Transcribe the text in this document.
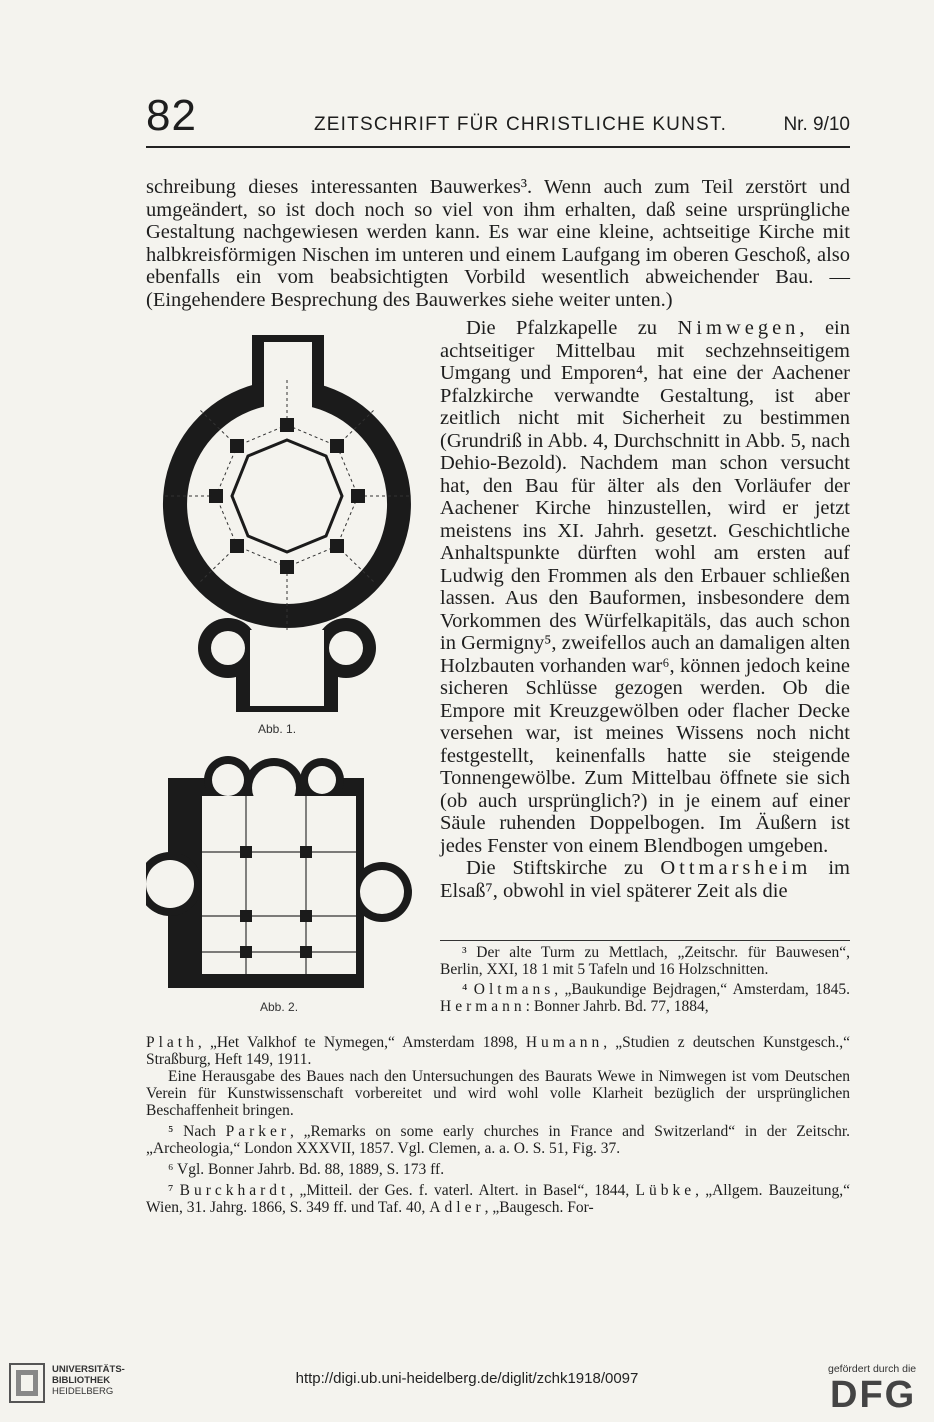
82	ZEITSCHRIFT FÜR CHRISTLICHE KUNST.	Nr. 9/10

schreibung dieses interessanten Bauwerkes³. Wenn auch zum Teil zerstört und umgeändert, so ist doch noch so viel von ihm erhalten, daß seine ursprüngliche Gestaltung nachgewiesen werden kann. Es war eine kleine, achtseitige Kirche mit halbkreisförmigen Nischen im unteren und einem Laufgang im oberen Geschoß, also ebenfalls ein vom beabsichtigten Vorbild wesentlich abweichender Bau. — (Eingehendere Besprechung des Bauwerkes siehe weiter unten.)

Die Pfalzkapelle zu Nimwegen, ein achtseitiger Mittelbau mit sechzehnseitigem Umgang und Emporen⁴, hat eine der Aachener Pfalzkirche verwandte Gestaltung, ist aber zeitlich nicht mit Sicherheit zu bestimmen (Grundriß in Abb. 4, Durchschnitt in Abb. 5, nach Dehio-Bezold). Nachdem man schon versucht hat, den Bau für älter als den Vorläufer der Aachener Kirche hinzustellen, wird er jetzt meistens ins XI. Jahrh. gesetzt. Geschichtliche Anhaltspunkte dürften wohl am ersten auf Ludwig den Frommen als den Erbauer schließen lassen. Aus den Bauformen, insbesondere dem Vorkommen des Würfelkapitäls, das auch schon in Germigny⁵, zweifellos auch an damaligen alten Holzbauten vorhanden war⁶, können jedoch keine sicheren Schlüsse gezogen werden. Ob die Empore mit Kreuzgewölben oder flacher Decke versehen war, ist meines Wissens noch nicht festgestellt, keinenfalls hatte sie steigende Tonnengewölbe. Zum Mittelbau öffnete sie sich (ob auch ursprünglich?) in je einem auf einer Säule ruhenden Doppelbogen. Im Äußern ist jedes Fenster von einem Blendbogen umgeben.

Die Stiftskirche zu Ottmarsheim im Elsaß⁷, obwohl in viel späterer Zeit als die

Abb. 1.
Abb. 2.

³ Der alte Turm zu Mettlach, „Zeitschr. für Bauwesen“, Berlin, XXI, 18 1 mit 5 Tafeln und 16 Holzschnitten.

⁴ Oltmans, „Baukundige Bejdragen,“ Amsterdam, 1845. Hermann: Bonner Jahrb. Bd. 77, 1884,

Plath, „Het Valkhof te Nymegen,“ Amsterdam 1898, Humann, „Studien z deutschen Kunstgesch.,“ Straßburg, Heft 149, 1911.

Eine Herausgabe des Baues nach den Untersuchungen des Baurats Wewe in Nimwegen ist vom Deutschen Verein für Kunstwissenschaft vorbereitet und wird wohl volle Klarheit bezüglich der ursprünglichen Beschaffenheit bringen.

⁵ Nach Parker, „Remarks on some early churches in France and Switzerland“ in der Zeitschr. „Archeologia,“ London XXXVII, 1857. Vgl. Clemen, a. a. O. S. 51, Fig. 37.

⁶ Vgl. Bonner Jahrb. Bd. 88, 1889, S. 173 ff.

⁷ Burckhardt, „Mitteil. der Ges. f. vaterl. Altert. in Basel“, 1844, Lübke, „Allgem. Bauzeitung,“ Wien, 31. Jahrg. 1866, S. 349 ff. und Taf. 40, Adler, „Baugesch. For-

UNIVERSITÄTS-
BIBLIOTHEK
HEIDELBERG
http://digi.ub.uni-heidelberg.de/diglit/zchk1918/0097
gefördert durch die
DFG
